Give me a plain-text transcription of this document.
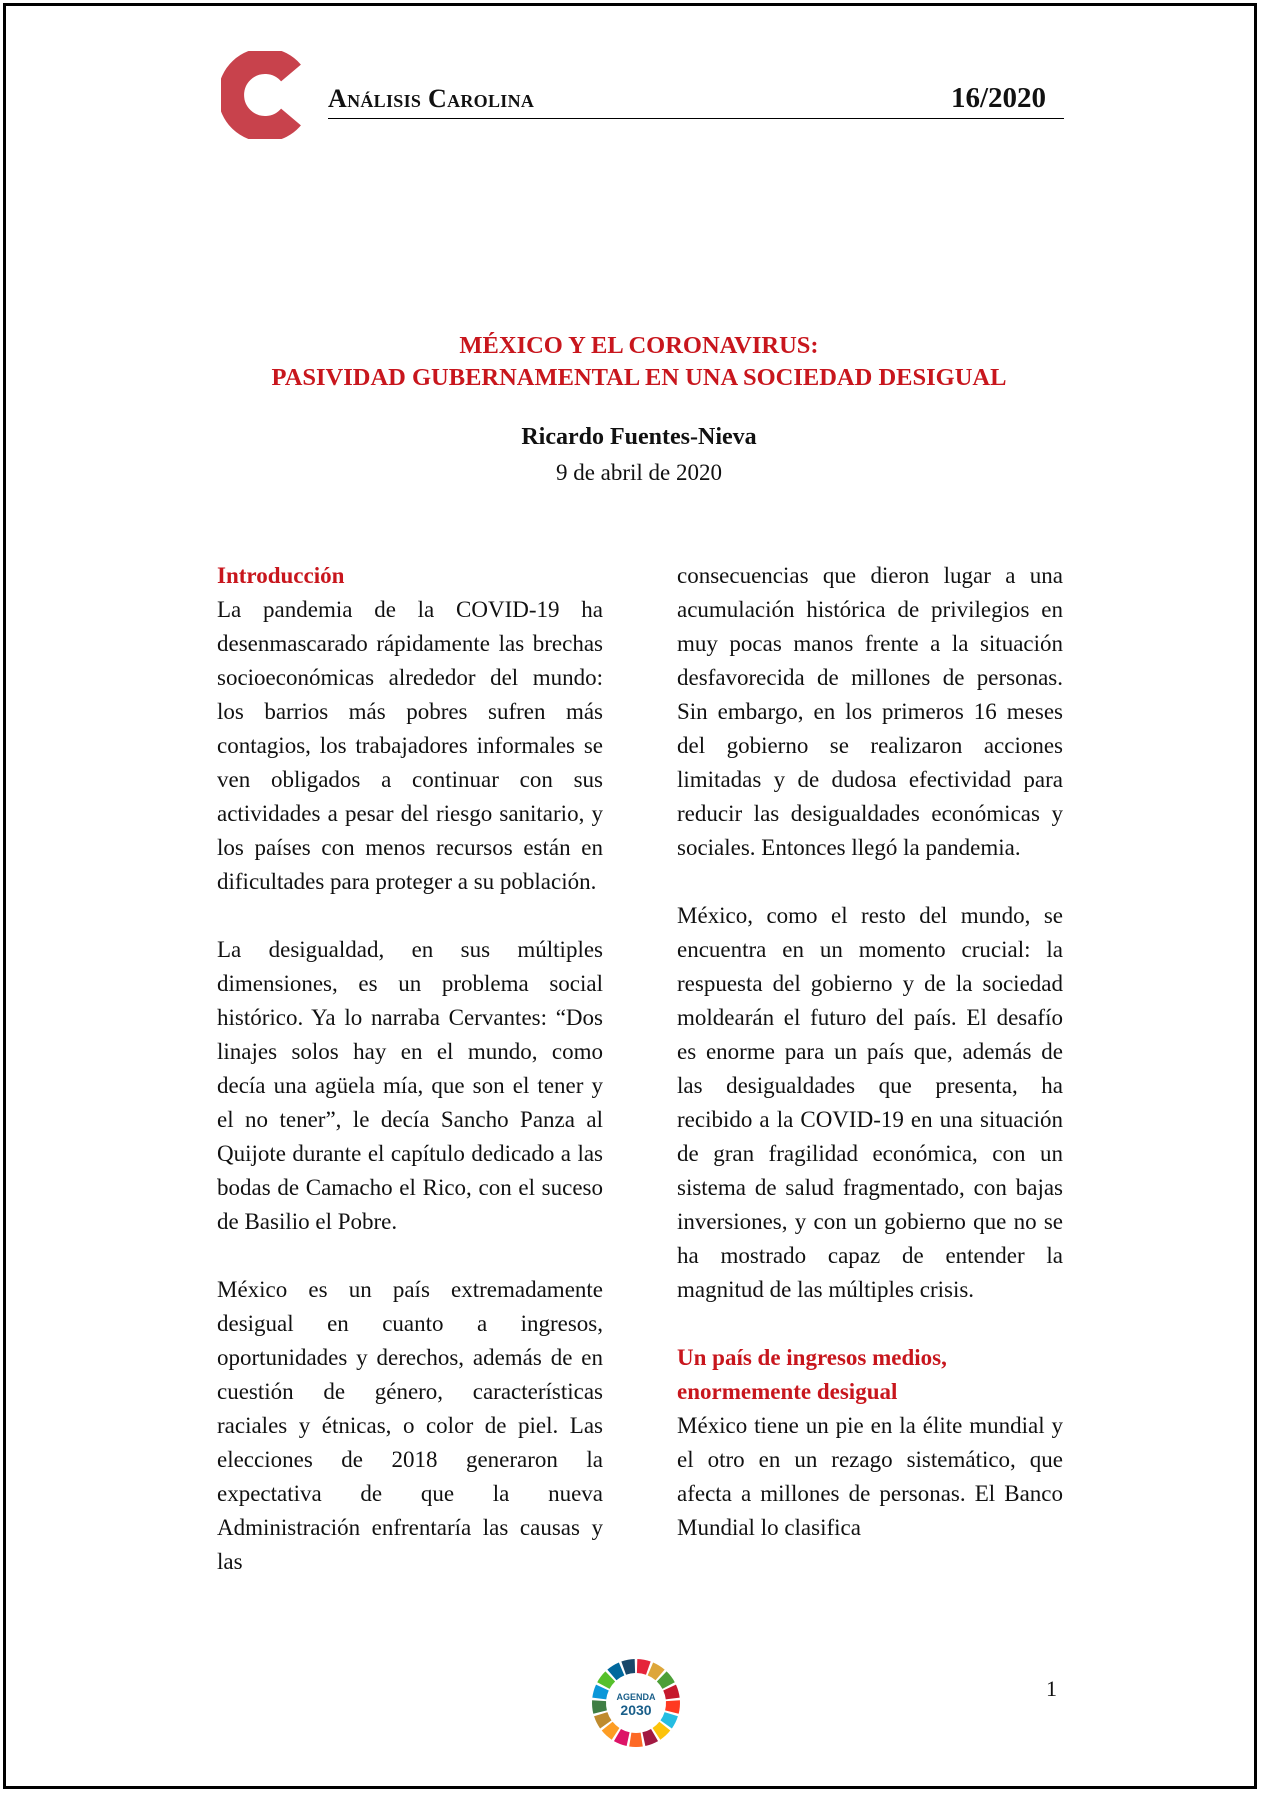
Análisis Carolina	16/2020
MÉXICO Y EL CORONAVIRUS:
PASIVIDAD GUBERNAMENTAL EN UNA SOCIEDAD DESIGUAL
Ricardo Fuentes-Nieva
9 de abril de 2020
Introducción

La pandemia de la COVID-19 ha desenmascarado rápidamente las brechas socioeconómicas alrededor del mundo: los barrios más pobres sufren más contagios, los trabajadores informales se ven obligados a continuar con sus actividades a pesar del riesgo sanitario, y los países con menos recursos están en dificultades para proteger a su población.

La desigualdad, en sus múltiples dimensiones, es un problema social histórico. Ya lo narraba Cervantes: “Dos linajes solos hay en el mundo, como decía una agüela mía, que son el tener y el no tener”, le decía Sancho Panza al Quijote durante el capítulo dedicado a las bodas de Camacho el Rico, con el suceso de Basilio el Pobre.

México es un país extremadamente desigual en cuanto a ingresos, oportunidades y derechos, además de en cuestión de género, características raciales y étnicas, o color de piel. Las elecciones de 2018 generaron la expectativa de que la nueva Administración enfrentaría las causas y las

consecuencias que dieron lugar a una acumulación histórica de privilegios en muy pocas manos frente a la situación desfavorecida de millones de personas. Sin embargo, en los primeros 16 meses del gobierno se realizaron acciones limitadas y de dudosa efectividad para reducir las desigualdades económicas y sociales. Entonces llegó la pandemia.

México, como el resto del mundo, se encuentra en un momento crucial: la respuesta del gobierno y de la sociedad moldearán el futuro del país. El desafío es enorme para un país que, además de las desigualdades que presenta, ha recibido a la COVID-19 en una situación de gran fragilidad económica, con un sistema de salud fragmentado, con bajas inversiones, y con un gobierno que no se ha mostrado capaz de entender la magnitud de las múltiples crisis.

Un país de ingresos medios, enormemente desigual

México tiene un pie en la élite mundial y el otro en un rezago sistemático, que afecta a millones de personas. El Banco Mundial lo clasifica

AGENDA
2030
1
